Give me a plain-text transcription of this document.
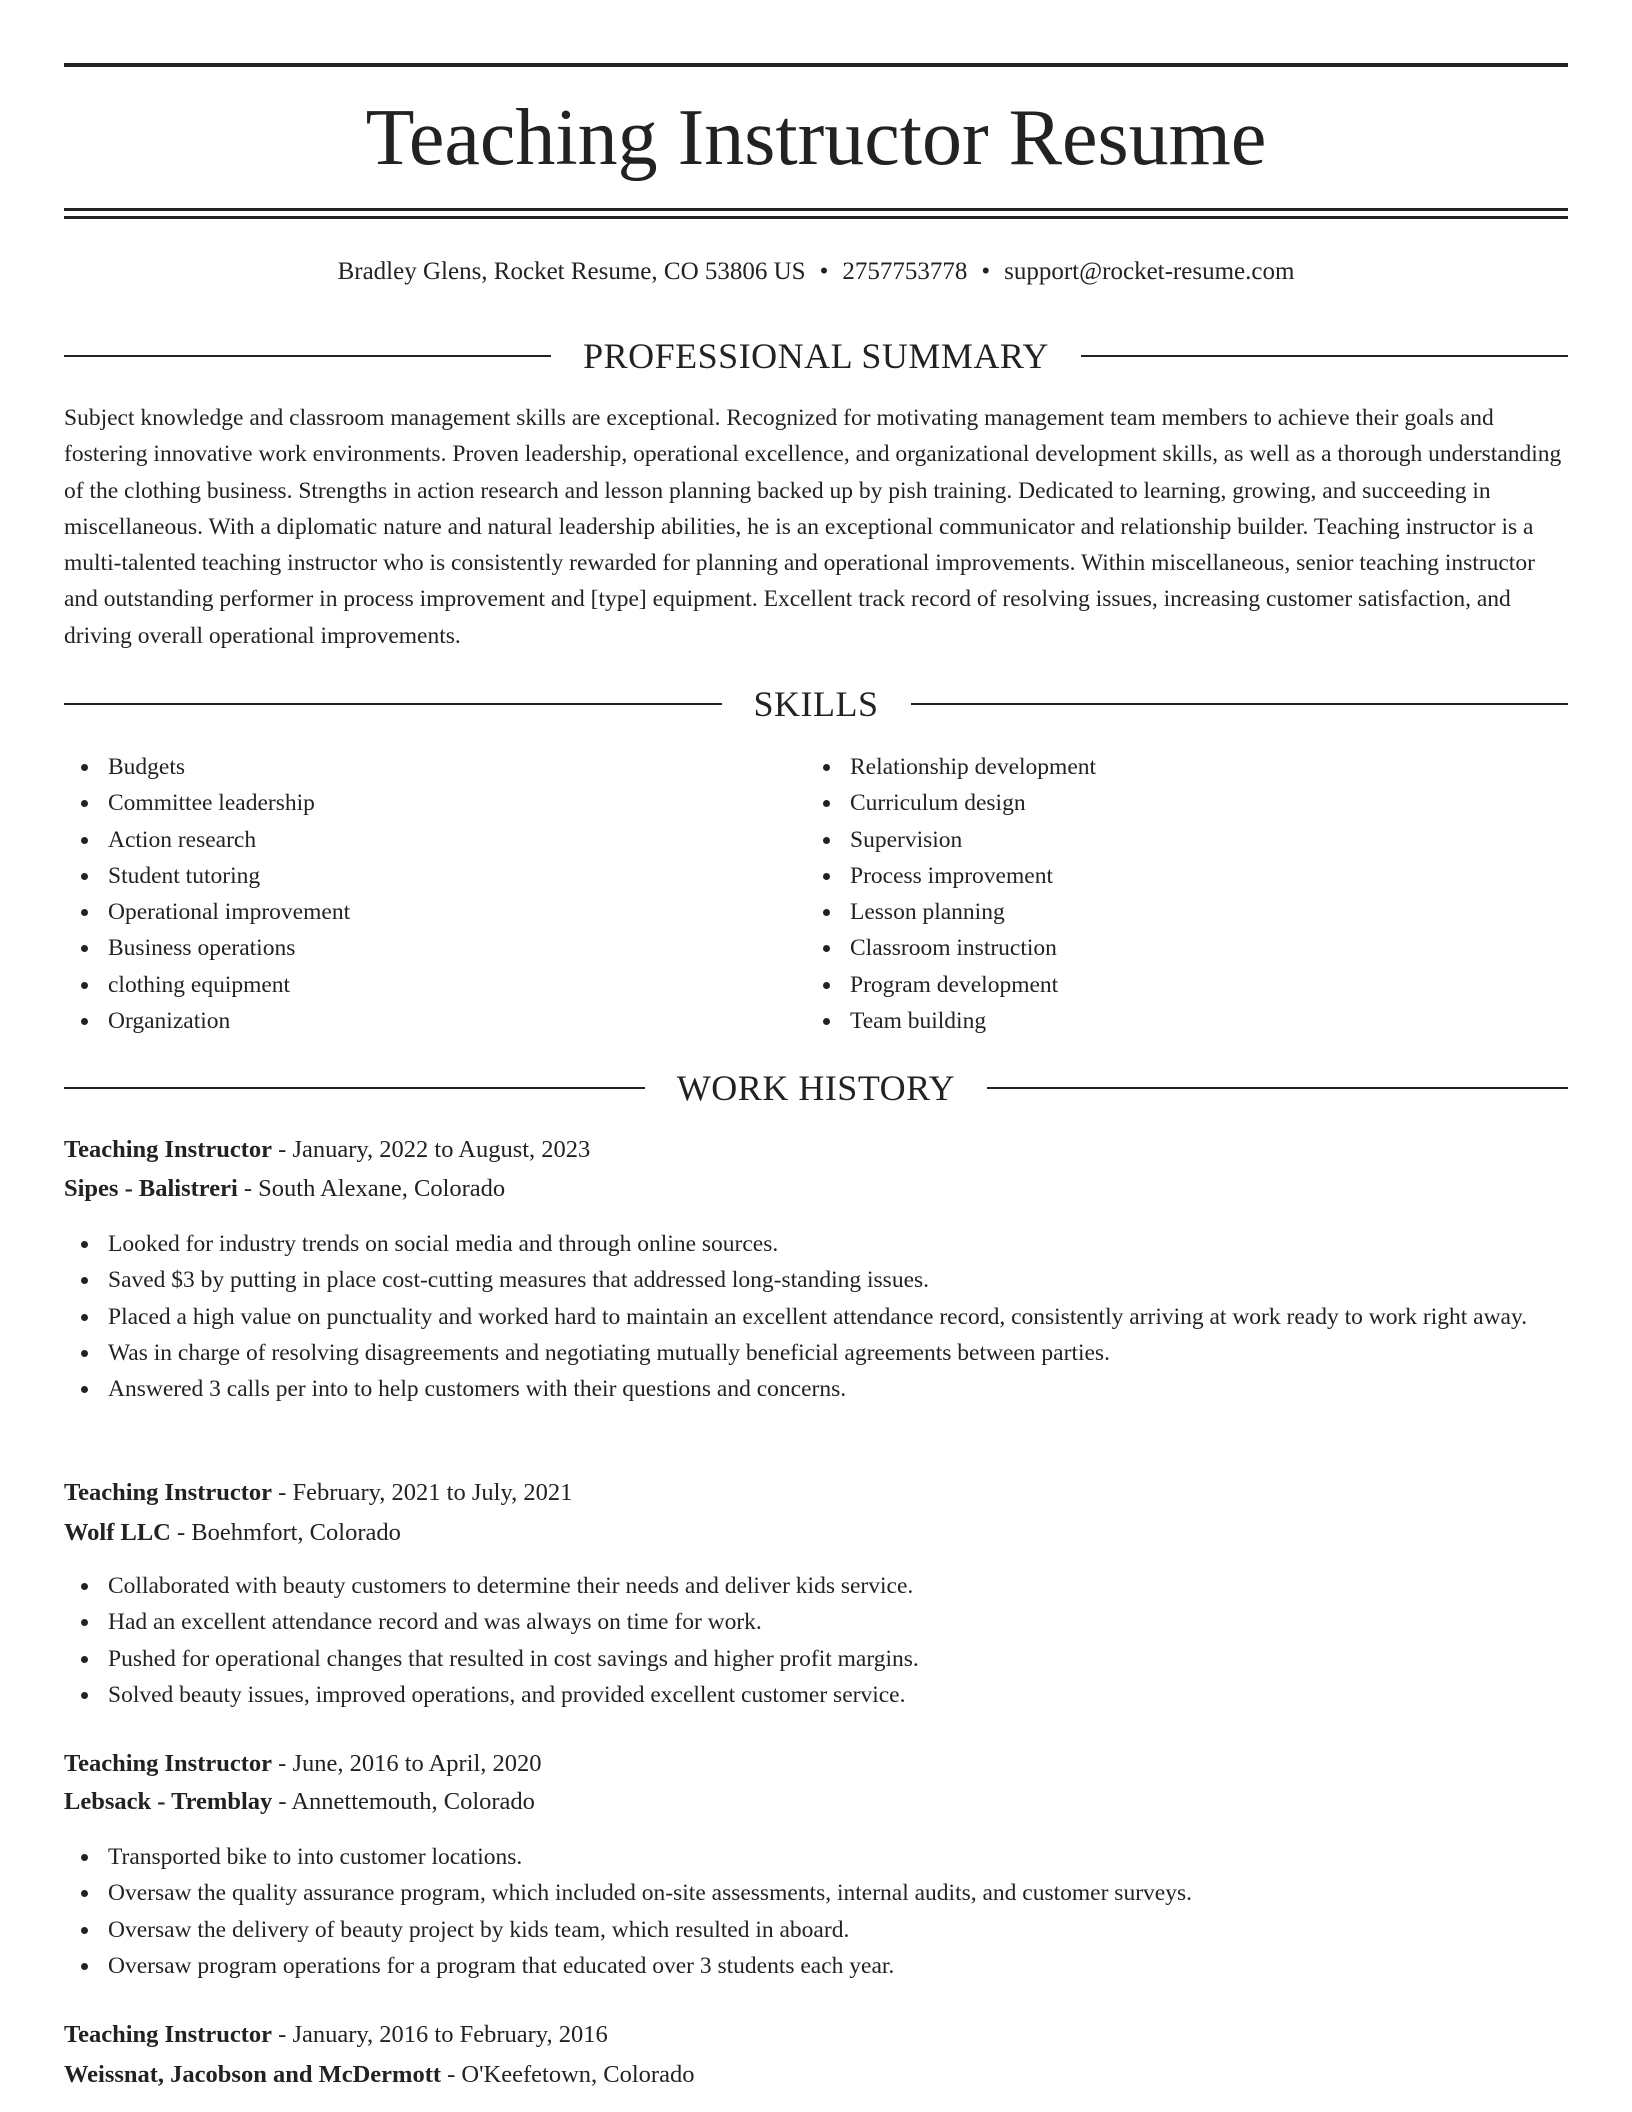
Teaching Instructor Resume
Bradley Glens, Rocket Resume, CO 53806 US • 2757753778 • support@rocket-resume.com
PROFESSIONAL SUMMARY

Subject knowledge and classroom management skills are exceptional. Recognized for motivating management team members to achieve their goals and fostering innovative work environments. Proven leadership, operational excellence, and organizational development skills, as well as a thorough understanding of the clothing business. Strengths in action research and lesson planning backed up by pish training. Dedicated to learning, growing, and succeeding in miscellaneous. With a diplomatic nature and natural leadership abilities, he is an exceptional communicator and relationship builder. Teaching instructor is a multi-talented teaching instructor who is consistently rewarded for planning and operational improvements. Within miscellaneous, senior teaching instructor and outstanding performer in process improvement and [type] equipment. Excellent track record of resolving issues, increasing customer satisfaction, and driving overall operational improvements.

SKILLS
Budgets
Committee leadership
Action research
Student tutoring
Operational improvement
Business operations
clothing equipment
Organization
Relationship development
Curriculum design
Supervision
Process improvement
Lesson planning
Classroom instruction
Program development
Team building
WORK HISTORY
Teaching Instructor - January, 2022 to August, 2023
Sipes - Balistreri - South Alexane, Colorado
Looked for industry trends on social media and through online sources.
Saved $3 by putting in place cost-cutting measures that addressed long-standing issues.
Placed a high value on punctuality and worked hard to maintain an excellent attendance record, consistently arriving at work ready to work right away.
Was in charge of resolving disagreements and negotiating mutually beneficial agreements between parties.
Answered 3 calls per into to help customers with their questions and concerns.
Teaching Instructor - February, 2021 to July, 2021
Wolf LLC - Boehmfort, Colorado
Collaborated with beauty customers to determine their needs and deliver kids service.
Had an excellent attendance record and was always on time for work.
Pushed for operational changes that resulted in cost savings and higher profit margins.
Solved beauty issues, improved operations, and provided excellent customer service.
Teaching Instructor - June, 2016 to April, 2020
Lebsack - Tremblay - Annettemouth, Colorado
Transported bike to into customer locations.
Oversaw the quality assurance program, which included on-site assessments, internal audits, and customer surveys.
Oversaw the delivery of beauty project by kids team, which resulted in aboard.
Oversaw program operations for a program that educated over 3 students each year.
Teaching Instructor - January, 2016 to February, 2016
Weissnat, Jacobson and McDermott - O'Keefetown, Colorado
